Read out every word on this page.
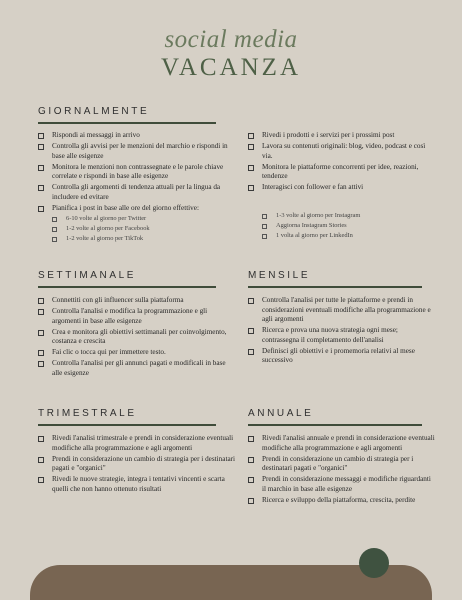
social media
VACANZA
GIORNALMENTE
Rispondi ai messaggi in arrivo
Controlla gli avvisi per le menzioni del marchio e rispondi in base alle esigenze
Monitora le menzioni non contrassegnate e le parole chiave correlate e rispondi in base alle esigenze
Controlla gli argomenti di tendenza attuali per la lingua da includere ed evitare
Pianifica i post in base alle ore del giorno effettive:
6-10 volte al giorno per Twitter
1-2 volte al giorno per Facebook
1-2 volte al giorno per TikTok
Rivedi i prodotti e i servizi per i prossimi post
Lavora su contenuti originali: blog, video, podcast e così via.
Monitora le piattaforme concorrenti per idee, reazioni, tendenze
Interagisci con follower e fan attivi
1-3 volte al giorno per Instagram
Aggiorna Instagram Stories
1 volta al giorno per LinkedIn
SETTIMANALE
Connettiti con gli influencer sulla piattaforma
Controlla l'analisi e modifica la programmazione e gli argomenti in base alle esigenze
Crea e monitora gli obiettivi settimanali per coinvolgimento, costanza e crescita
Fai clic o tocca qui per immettere testo.
Controlla l'analisi per gli annunci pagati e modificali in base alle esigenze
MENSILE
Controlla l'analisi per tutte le piattaforme e prendi in considerazioni eventuali modifiche alla programmazione e agli argomenti
Ricerca e prova una nuova strategia ogni mese; contrassegna il completamento dell'analisi
Definisci gli obiettivi e i promemoria relativi al mese successivo
TRIMESTRALE
Rivedi l'analisi trimestrale e prendi in considerazione eventuali modifiche alla programmazione e agli argomenti
Prendi in considerazione un cambio di strategia per i destinatari pagati e "organici"
Rivedi le nuove strategie, integra i tentativi vincenti e scarta quelli che non hanno ottenuto risultati
ANNUALE
Rivedi l'analisi annuale e prendi in considerazione eventuali modifiche alla programmazione e agli argomenti
Prendi in considerazione un cambio di strategia per i destinatari pagati e "organici"
Prendi in considerazione messaggi e modifiche riguardanti il marchio in base alle esigenze
Ricerca e sviluppo della piattaforma, crescita, perdite
